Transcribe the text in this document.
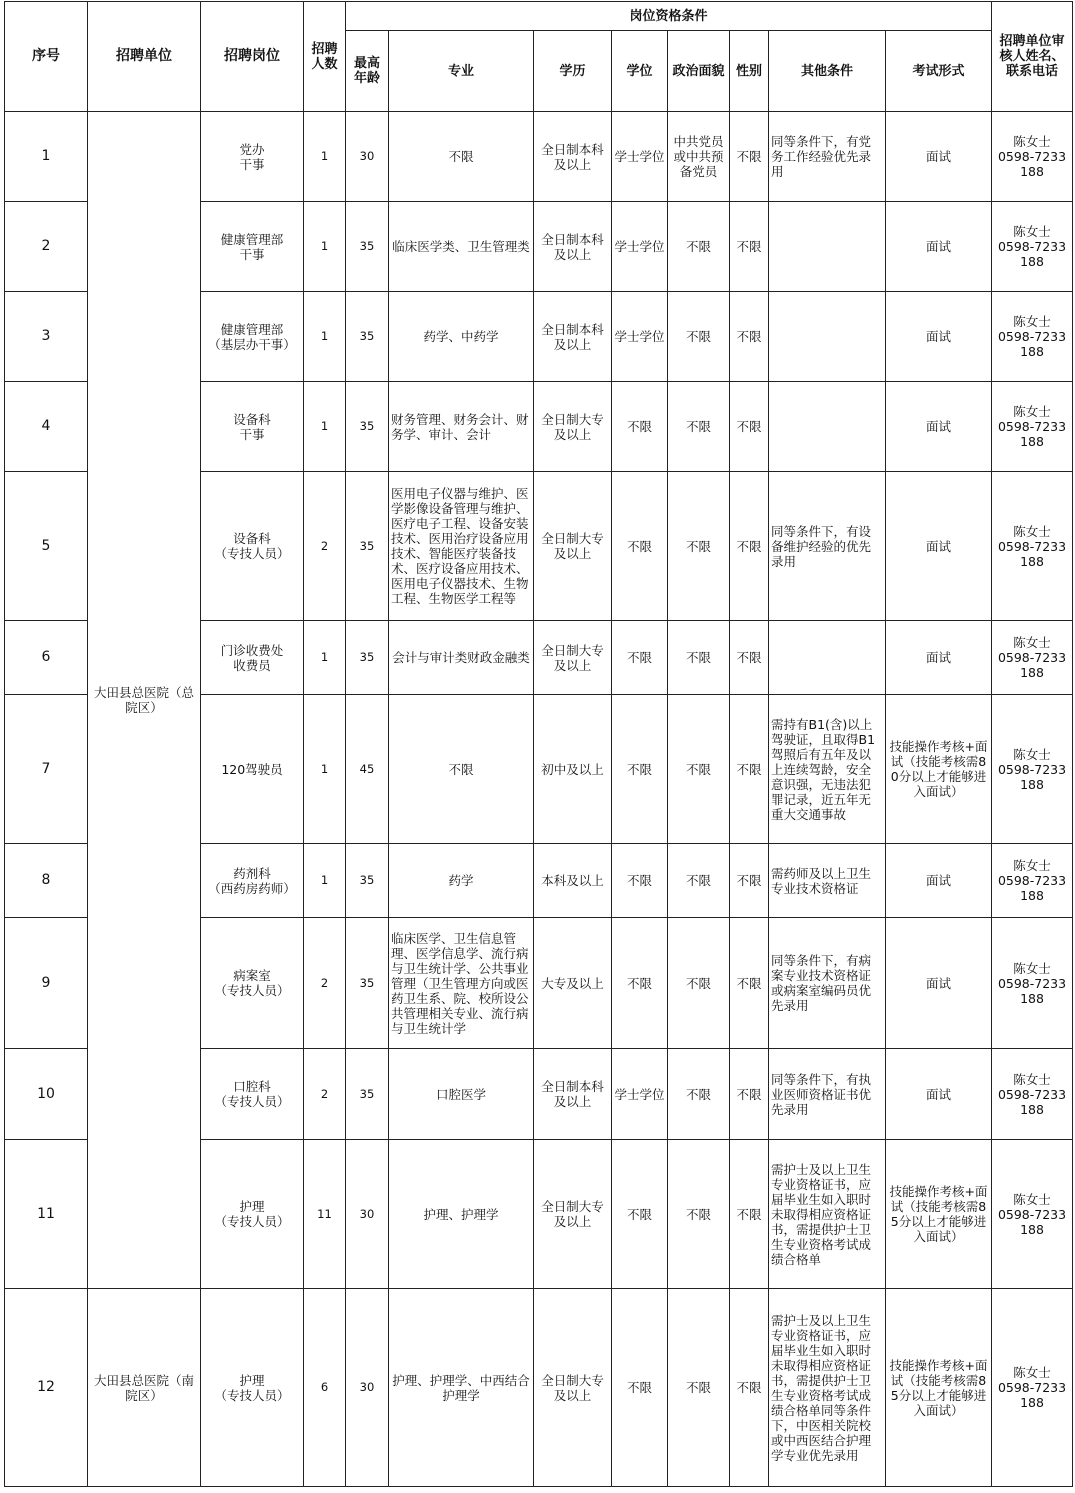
序号	招聘单位	招聘岗位	招聘人数	岗位资格条件								招聘单位审核人姓名、联系电话
				最高年龄	专业	学历	学位	政治面貌	性别	其他条件	考试形式	
1	大田县总医院（总院区）	党办
干事	1	30	不限	全日制本科及以上	学士学位	中共党员或中共预备党员	不限	同等条件下，有党务工作经验优先录用	面试	陈女士
0598-7233188

2		健康管理部
干事	1	35	临床医学类、卫生管理类	全日制本科及以上	学士学位	不限	不限		面试	陈女士
0598-7233188

3		健康管理部
（基层办干事）	1	35	药学、中药学	全日制本科及以上	学士学位	不限	不限		面试	陈女士
0598-7233188

4		设备科
干事	1	35	财务管理、财务会计、财务学、审计、会计	全日制大专及以上	不限	不限	不限		面试	陈女士
0598-7233188

5		设备科
（专技人员）	2	35	医用电子仪器与维护、医学影像设备管理与维护、医疗电子工程、设备安装技术、医用治疗设备应用技术、智能医疗装备技术、医疗设备应用技术、医用电子仪器技术、生物工程、生物医学工程等	全日制大专及以上	不限	不限	不限	同等条件下，有设备维护经验的优先录用	面试	陈女士
0598-7233188

6		门诊收费处
收费员	1	35	会计与审计类财政金融类	全日制大专及以上	不限	不限	不限		面试	陈女士
0598-7233188

7		120驾驶员	1	45	不限	初中及以上	不限	不限	不限	需持有B1(含)以上驾驶证，且取得B1驾照后有五年及以上连续驾龄，安全意识强，无违法犯罪记录，近五年无重大交通事故	技能操作考核+面试（技能考核需80分以上才能够进入面试）	陈女士
0598-7233188

8		药剂科
（西药房药师）	1	35	药学	本科及以上	不限	不限	不限	需药师及以上卫生专业技术资格证	面试	陈女士
0598-7233188

9		病案室
（专技人员）	2	35	临床医学、卫生信息管理、医学信息学、流行病与卫生统计学、公共事业管理（卫生管理方向或医药卫生系、院、校所设公共管理相关专业、流行病与卫生统计学	大专及以上	不限	不限	不限	同等条件下，有病案专业技术资格证或病案室编码员优先录用	面试	陈女士
0598-7233188

10		口腔科
（专技人员）	2	35	口腔医学	全日制本科及以上	学士学位	不限	不限	同等条件下，有执业医师资格证书优先录用	面试	陈女士
0598-7233188

11		护理
（专技人员）	11	30	护理、护理学	全日制大专及以上	不限	不限	不限	需护士及以上卫生专业资格证书，应届毕业生如入职时未取得相应资格证书，需提供护士卫生专业资格考试成绩合格单	技能操作考核+面试（技能考核需85分以上才能够进入面试）	陈女士
0598-7233188

12	大田县总医院（南院区）	护理
（专技人员）	6	30	护理、护理学、中西结合护理学	全日制大专及以上	不限	不限	不限	需护士及以上卫生专业资格证书，应届毕业生如入职时未取得相应资格证书，需提供护士卫生专业资格考试成绩合格单同等条件下，中医相关院校或中西医结合护理学专业优先录用	技能操作考核+面试（技能考核需85分以上才能够进入面试）	陈女士
0598-7233188
